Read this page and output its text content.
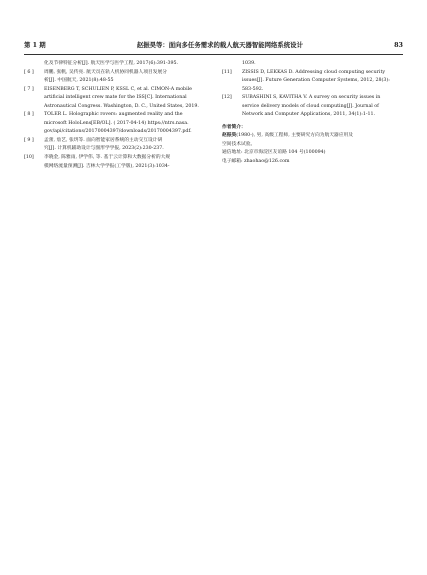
第 1 期	赵振昊等：面向多任务需求的载人航天器智能网络系统设计	83
化及节律特征分析[J]. 航天医学与医学工程, 2017(6):391-395.
[ 6 ]	周鹏, 张帆, 吴传亮. 航天员在轨人机协同机器人项目发展分
析[J]. 中国航天, 2021(8):48-55
[ 7 ]	EISENBERG T, SCHULIEN P, KSSL C, et al. CIMON-A mobile
artificial intelligent crew mate for the ISS[C]. International
Astronautical Congress. Washington, D. C., United States, 2019.
[ 8 ]	TOLER L. Holographic rovers: augmented reality and the
microsoft HoloLens[EB/OL]. ( 2017-04-14) https://ntrs.nasa.
gov/api/citations/20170004397/downloads/20170004397.pdf.
[ 9 ]	孟蕾, 詹艺, 张玥等. 面向智能家居系统的主动交互设计研
究[J]. 计算机辅助设计与图形学学报, 2023(2):230-237.
[10]	李晓金, 陈雅雨, 伊学伟, 等. 基于云计算和大数据分析的大规
模网络流量预测[J]. 吉林大学学报(工学版), 2021(3):1034-
1039.
[11]	ZISSIS D, LEKKAS D. Addressing cloud computing security
issues[J]. Future Generation Computer Systems, 2012, 28(3):
583-592.
[12]	SUBASHINI S, KAVITHA V. A survey on security issues in
service delivery models of cloud computing[J]. Journal of
Network and Computer Applications, 2011, 34(1):1-11.
作者简介：
赵振昊(1980-), 男, 高级工程师, 主要研究方向为航天器应用及
空间技术试验。
通信地址: 北京市海淀区友谊路 104 号(100094)
电子邮箱: zhaohao@126.com
